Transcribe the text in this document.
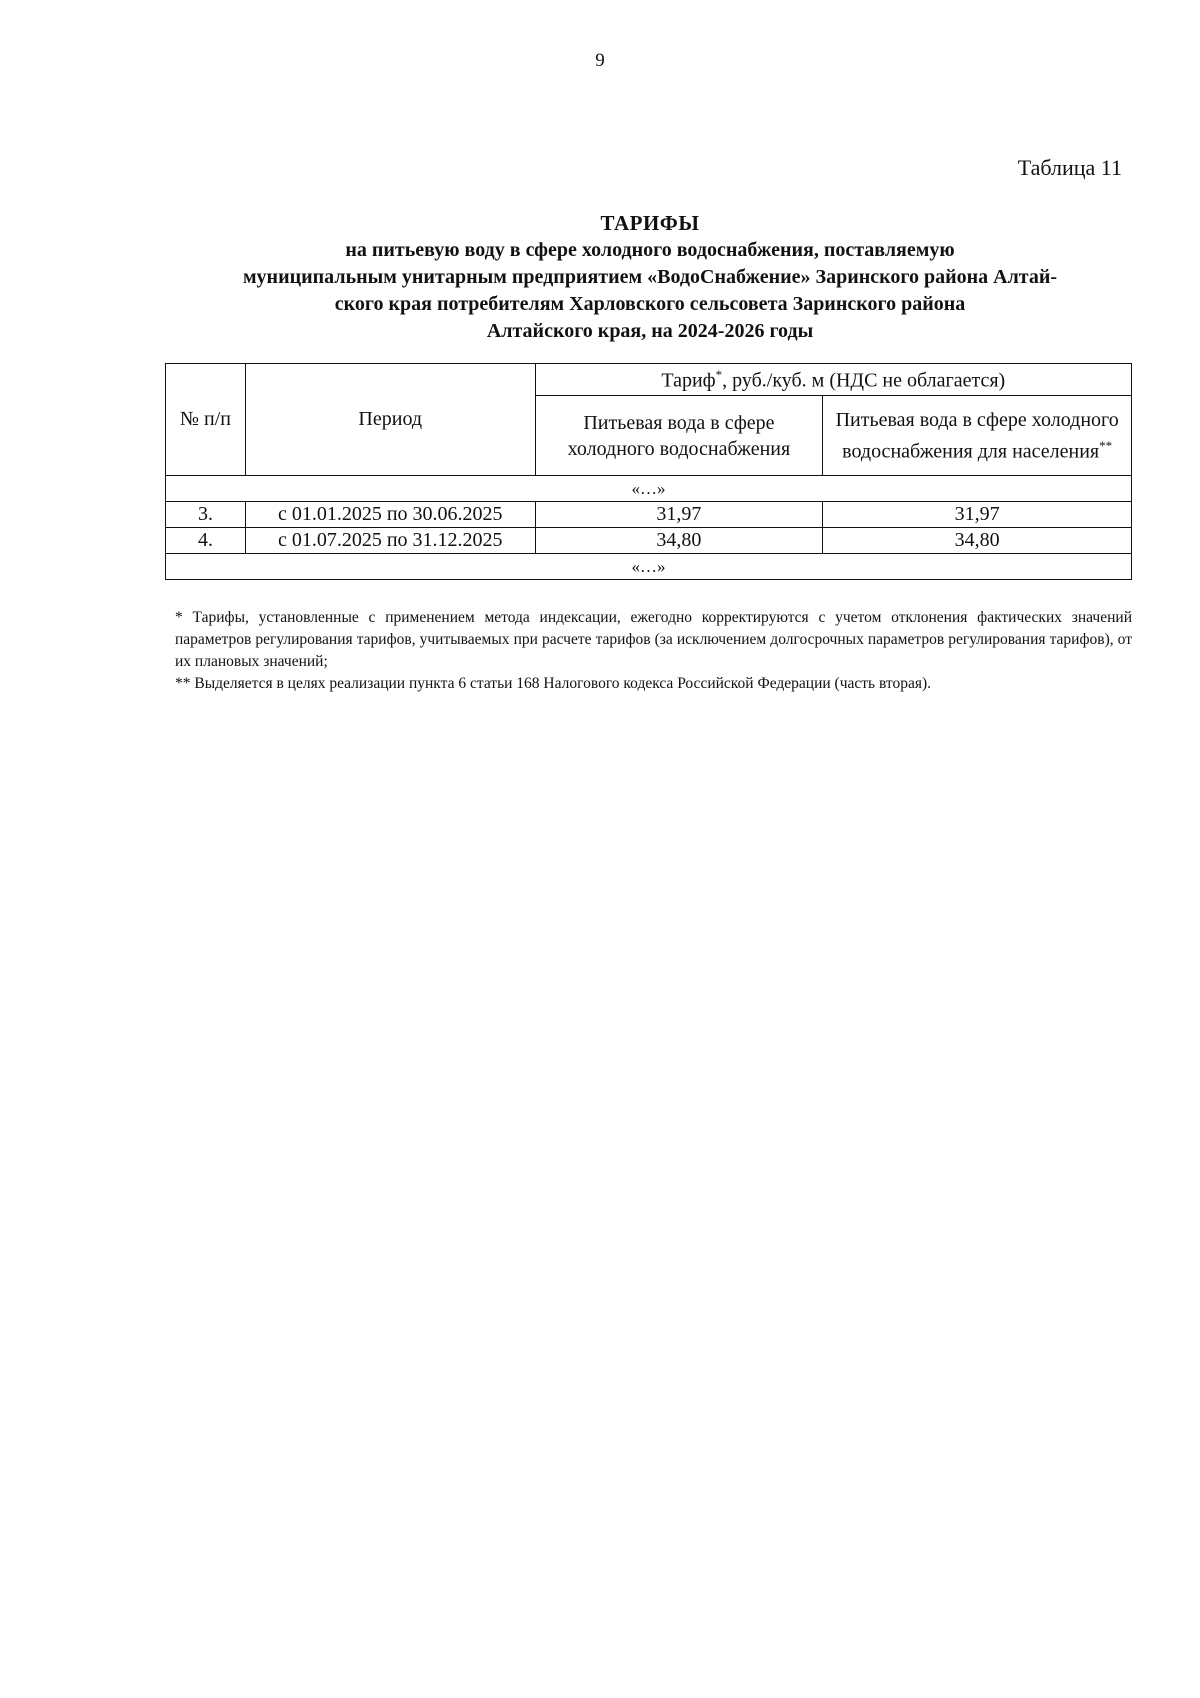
9
Таблица 11
ТАРИФЫ
на питьевую воду в сфере холодного водоснабжения, поставляемую
муниципальным унитарным предприятием «ВодоСнабжение» Заринского района Алтай-
ского края потребителям Харловского сельсовета Заринского района
Алтайского края, на 2024-2026 годы
№ п/п	Период	Тариф*, руб./куб. м (НДС не облагается)	
		Питьевая вода в сфере холодного водоснабжения	Питьевая вода в сфере холодного водоснабжения для населения**
«…»			
3.	с 01.01.2025 по 30.06.2025	31,97	31,97
4.	с 01.07.2025 по 31.12.2025	34,80	34,80
«…»			

* Тарифы, установленные с применением метода индексации, ежегодно корректируются с учетом отклонения фактических значений параметров регулирования тарифов, учитываемых при расчете тарифов (за исключением долгосрочных параметров регулирования тарифов), от их плановых значений;

** Выделяется в целях реализации пункта 6 статьи 168 Налогового кодекса Российской Федерации (часть вторая).
